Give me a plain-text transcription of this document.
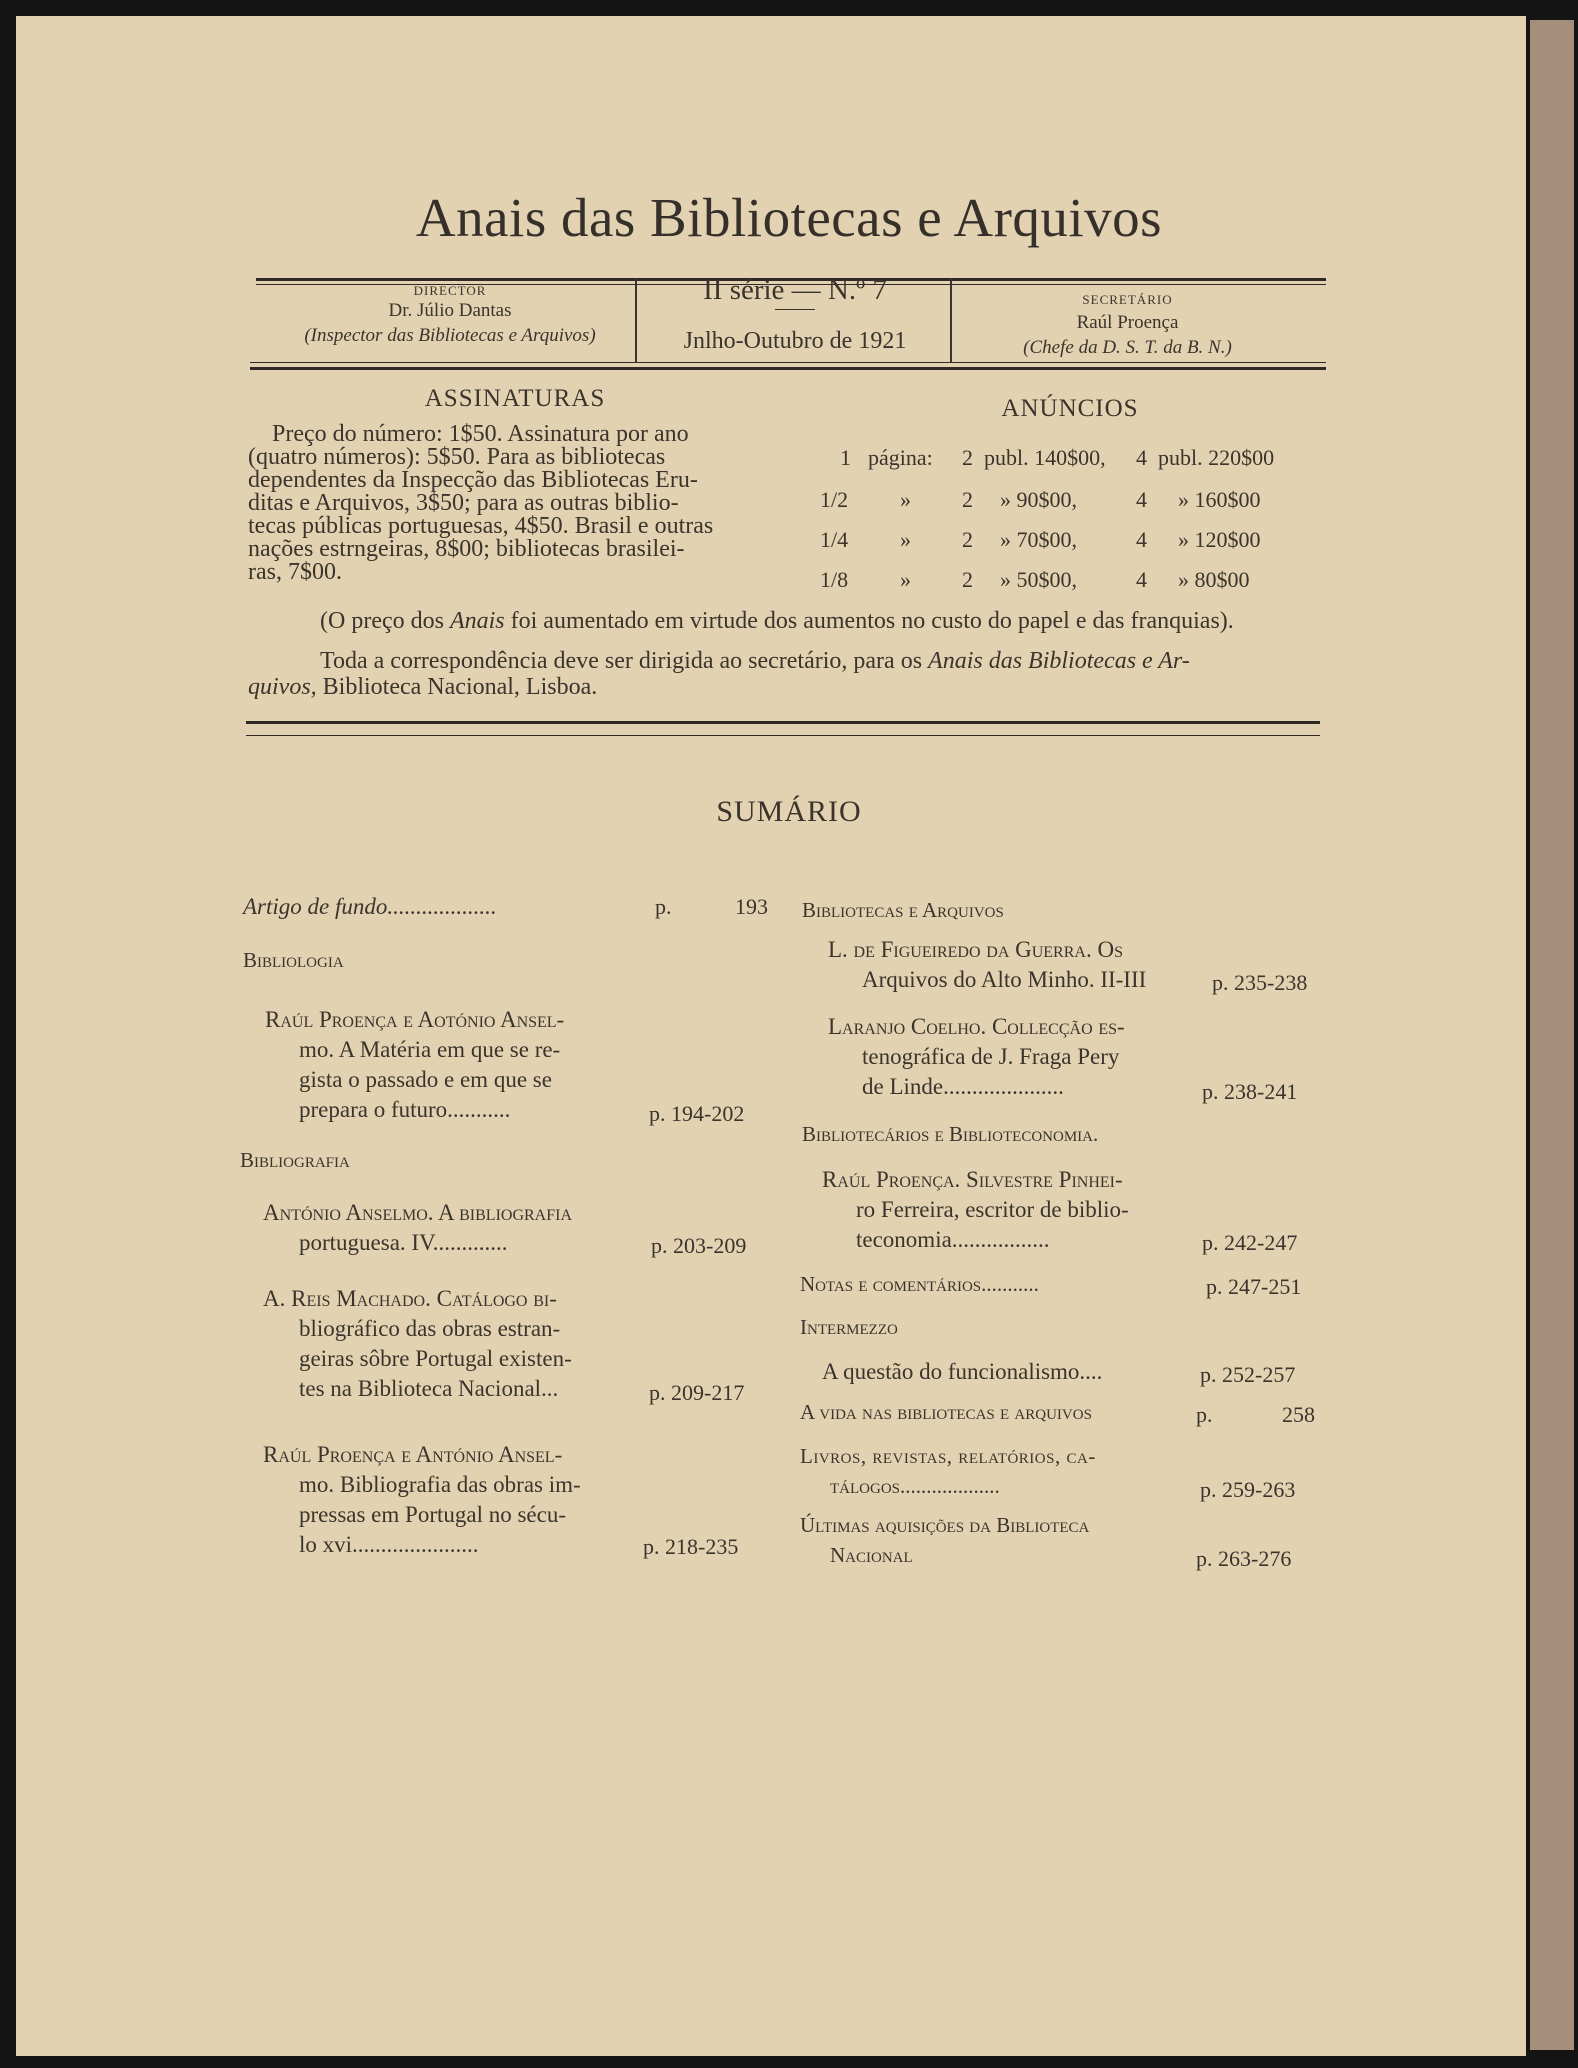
Anais das Bibliotecas e Arquivos
DIRECTOR
Dr. Júlio Dantas
(Inspector das Bibliotecas e Arquivos)
II série — N.º 7
Jnlho-Outubro de 1921
SECRETÁRIO
Raúl Proença
(Chefe da D. S. T. da B. N.)
ASSINATURAS
Preço do número: 1$50. Assinatura por ano
(quatro números): 5$50. Para as bibliotecas
dependentes da Inspecção das Bibliotecas Eru-
ditas e Arquivos, 3$50; para as outras biblio-
tecas públicas portuguesas, 4$50. Brasil e outras
nações estrngeiras, 8$00; bibliotecas brasilei-
ras, 7$00.
ANÚNCIOS
1 página: 2 publ. 140$00, 4 publ. 220$00
1/2 » 2 » 90$00,	4 » 160$00
1/4 » 2 » 70$00,	4 » 120$00
1/8 » 2 » 50$00,	4 » 80$00
(O preço dos Anais foi aumentado em virtude dos aumentos no custo do papel e das franquias).
Toda a correspondência deve ser dirigida ao secretário, para os Anais das Bibliotecas e Ar-
quivos, Biblioteca Nacional, Lisboa.
SUMÁRIO
Artigo de fundo...................	p.	193
Bibliologia
Raúl Proença e Aotónio Ansel-
mo. A Matéria em que se re-
gista o passado e em que se
prepara o futuro...........	p. 194-202
Bibliografia
António Anselmo. A bibliografia
portuguesa. IV.............	p. 203-209
A. Reis Machado. Catálogo bi-
bliográfico das obras estran-
geiras sôbre Portugal existen-
tes na Biblioteca Nacional...	p. 209-217
Raúl Proença e António Ansel-
mo. Bibliografia das obras im-
pressas em Portugal no sécu-
lo xvi......................	p. 218-235
Bibliotecas e Arquivos
L. de Figueiredo da Guerra. Os
Arquivos do Alto Minho. II-III	p. 235-238
Laranjo Coelho. Collecção es-
tenográfica de J. Fraga Pery
de Linde.....................	p. 238-241
Bibliotecários e Biblioteconomia.
Raúl Proença. Silvestre Pinhei-
ro Ferreira, escritor de biblio-
teconomia.................	p. 242-247
Notas e comentários...........	p. 247-251
Intermezzo
A questão do funcionalismo....	p. 252-257
A vida nas bibliotecas e arquivos	p.	258
Livros, revistas, relatórios, ca-
tálogos...................	p. 259-263
Últimas aquisições da Biblioteca
Nacional	p. 263-276
